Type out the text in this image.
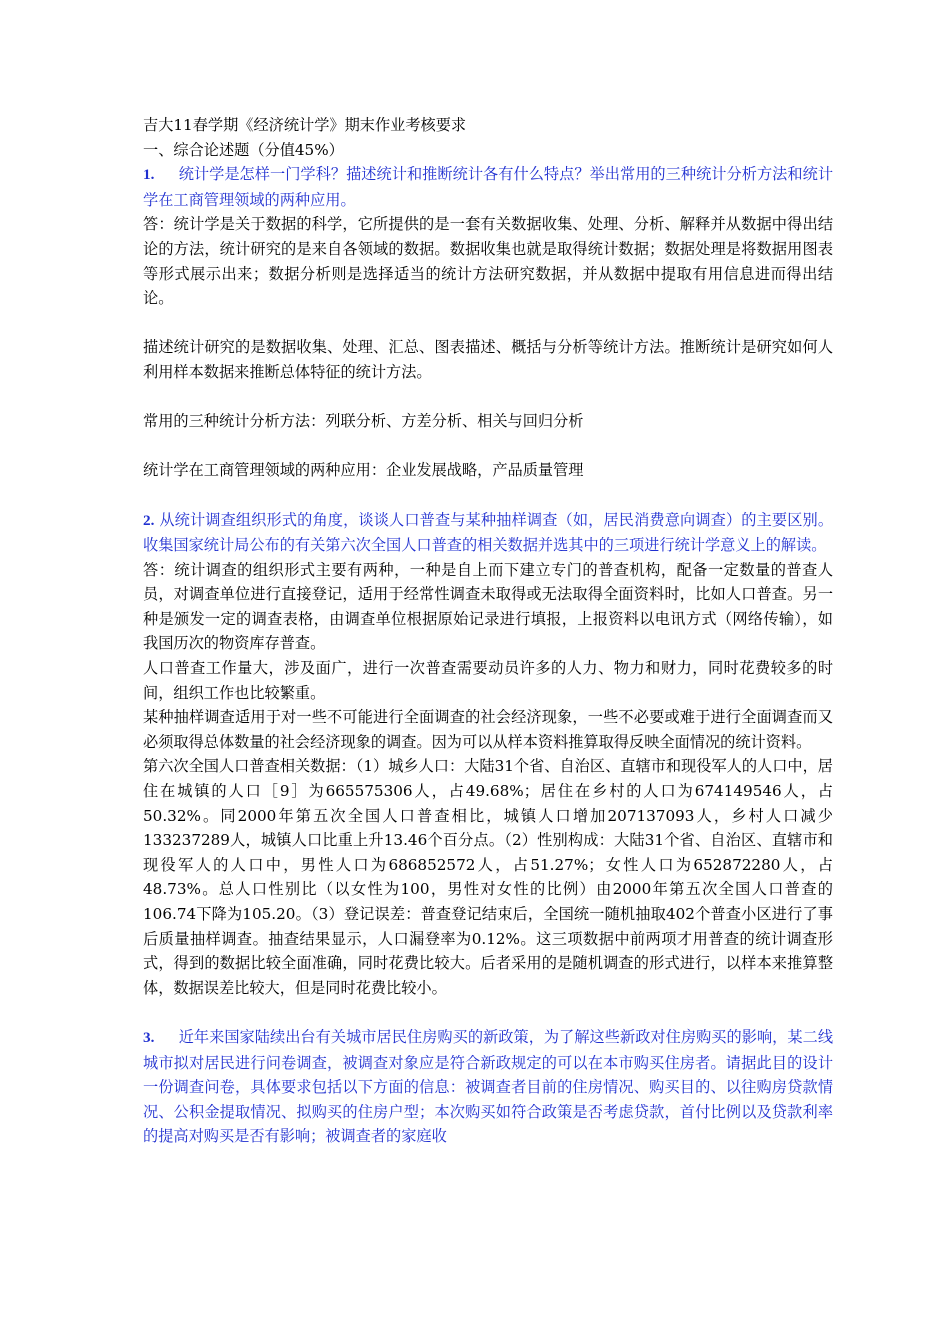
吉大11春学期《经济统计学》期末作业考核要求

一、综合论述题（分值45%）

1. 统计学是怎样一门学科？描述统计和推断统计各有什么特点？举出常用的三种统计分析方法和统计学在工商管理领域的两种应用。

答：统计学是关于数据的科学，它所提供的是一套有关数据收集、处理、分析、解释并从数据中得出结论的方法，统计研究的是来自各领域的数据。数据收集也就是取得统计数据；数据处理是将数据用图表等形式展示出来；数据分析则是选择适当的统计方法研究数据，并从数据中提取有用信息进而得出结论。

描述统计研究的是数据收集、处理、汇总、图表描述、概括与分析等统计方法。推断统计是研究如何人利用样本数据来推断总体特征的统计方法。

常用的三种统计分析方法：列联分析、方差分析、相关与回归分析

统计学在工商管理领域的两种应用：企业发展战略，产品质量管理

2. 从统计调查组织形式的角度，谈谈人口普查与某种抽样调查（如，居民消费意向调查）的主要区别。收集国家统计局公布的有关第六次全国人口普查的相关数据并选其中的三项进行统计学意义上的解读。

答：统计调查的组织形式主要有两种，一种是自上而下建立专门的普查机构，配备一定数量的普查人员，对调查单位进行直接登记，适用于经常性调查未取得或无法取得全面资料时，比如人口普查。另一种是颁发一定的调查表格，由调查单位根据原始记录进行填报，上报资料以电讯方式（网络传输），如我国历次的物资库存普查。

人口普查工作量大，涉及面广，进行一次普查需要动员许多的人力、物力和财力，同时花费较多的时间，组织工作也比较繁重。

某种抽样调查适用于对一些不可能进行全面调查的社会经济现象，一些不必要或难于进行全面调查而又必须取得总体数量的社会经济现象的调查。因为可以从样本资料推算取得反映全面情况的统计资料。

第六次全国人口普查相关数据：（1）城乡人口：大陆31个省、自治区、直辖市和现役军人的人口中，居住在城镇的人口［9］为665575306人，占49.68%；居住在乡村的人口为674149546人，占50.32%。同2000年第五次全国人口普查相比，城镇人口增加207137093人，乡村人口减少133237289人，城镇人口比重上升13.46个百分点。（2）性别构成：大陆31个省、自治区、直辖市和现役军人的人口中，男性人口为686852572人，占51.27%；女性人口为652872280人，占48.73%。总人口性别比（以女性为100，男性对女性的比例）由2000年第五次全国人口普查的106.74下降为105.20。（3）登记误差：普查登记结束后，全国统一随机抽取402个普查小区进行了事后质量抽样调查。抽查结果显示，人口漏登率为0.12%。这三项数据中前两项才用普查的统计调查形式，得到的数据比较全面准确，同时花费比较大。后者采用的是随机调查的形式进行，以样本来推算整体，数据误差比较大，但是同时花费比较小。

3. 近年来国家陆续出台有关城市居民住房购买的新政策，为了解这些新政对住房购买的影响，某二线城市拟对居民进行问卷调查，被调查对象应是符合新政规定的可以在本市购买住房者。请据此目的设计一份调查问卷，具体要求包括以下方面的信息：被调查者目前的住房情况、购买目的、以往购房贷款情况、公积金提取情况、拟购买的住房户型；本次购买如符合政策是否考虑贷款，首付比例以及贷款利率的提高对购买是否有影响；被调查者的家庭收
